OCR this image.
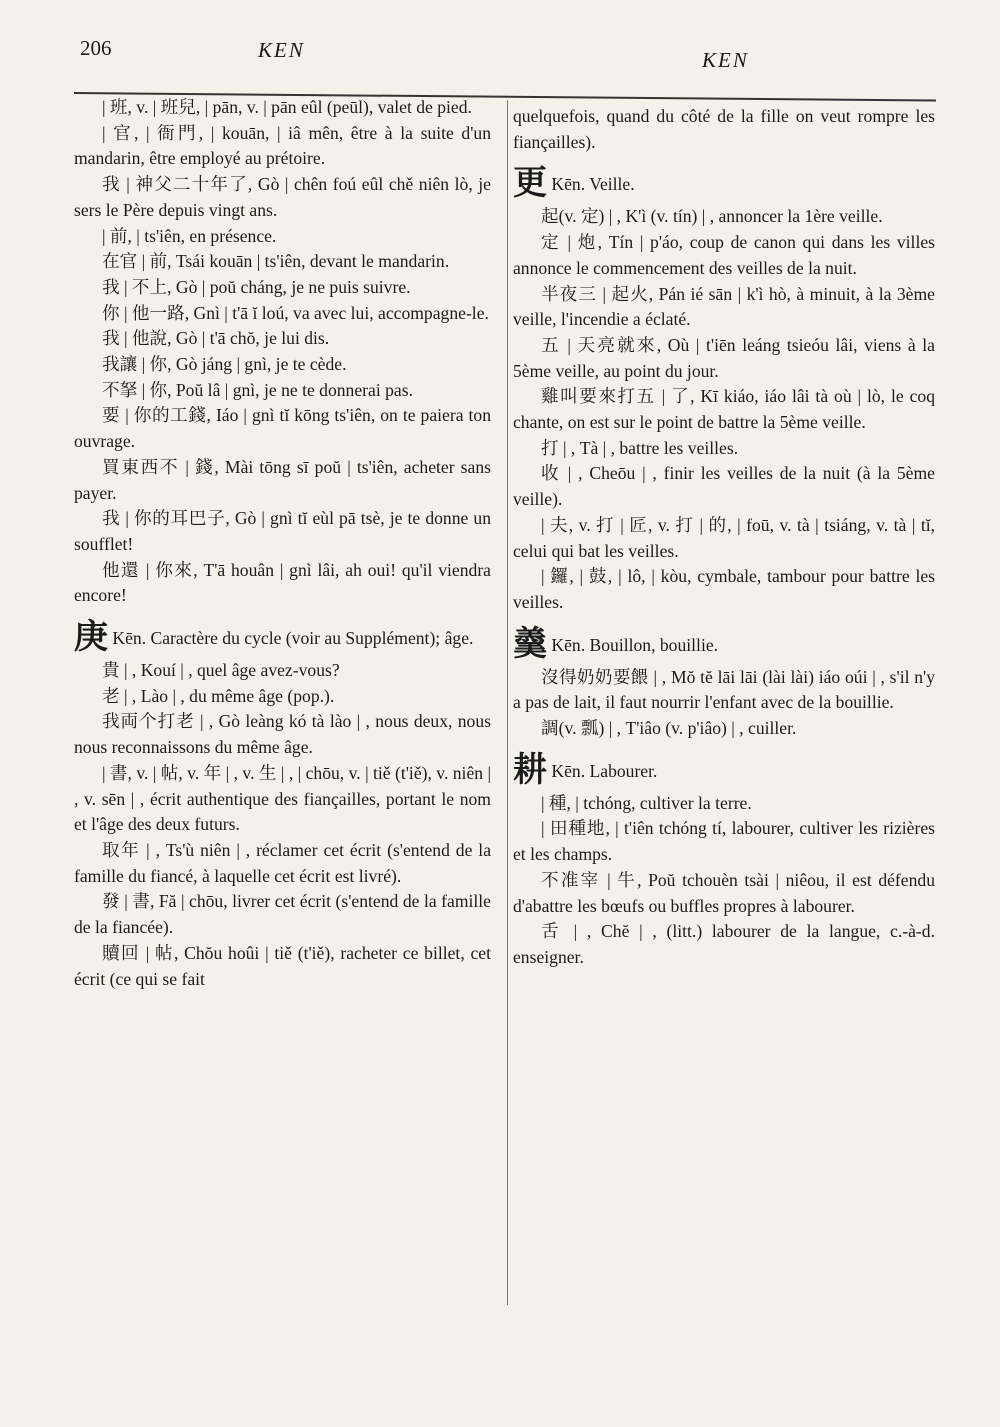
206	KEN	KEN

| 班, v. | 班兒, | pān, v. | pān eûl (peūl), valet de pied.

| 官, | 衙門, | kouān, | iâ mên, être à la suite d'un mandarin, être employé au prétoire.

我 | 神父二十年了, Gò | chên foú eûl chě niên lò, je sers le Père depuis vingt ans.

| 前, | ts'iên, en présence.

在官 | 前, Tsái kouān | ts'iên, devant le mandarin.

我 | 不上, Gò | poŭ cháng, je ne puis suivre.

你 | 他一路, Gnì | t'ā ĭ loú, va avec lui, accompagne-le.

我 | 他說, Gò | t'ā chŏ, je lui dis.

我讓 | 你, Gò jáng | gnì, je te cède.

不拏 | 你, Poŭ lâ | gnì, je ne te donnerai pas.

要 | 你的工錢, Iáo | gnì tĭ kōng ts'iên, on te paiera ton ouvrage.

買東西不 | 錢, Mài tōng sī poŭ | ts'iên, acheter sans payer.

我 | 你的耳巴子, Gò | gnì tĭ eùl pā tsè, je te donne un soufflet!

他還 | 你來, T'ā houân | gnì lâi, ah oui! qu'il viendra encore!

庚 Kēn. Caractère du cycle (voir au Supplément); âge.

貴 | , Kouí | , quel âge avez-vous?

老 | , Lào | , du même âge (pop.).

我両个打老 | , Gò leàng kó tà lào | , nous deux, nous nous reconnaissons du même âge.

| 書, v. | 帖, v. 年 | , v. 生 | , | chōu, v. | tiě (t'iě), v. niên | , v. sēn | , écrit authentique des fiançailles, portant le nom et l'âge des deux futurs.

取年 | , Ts'ù niên | , réclamer cet écrit (s'entend de la famille du fiancé, à laquelle cet écrit est livré).

發 | 書, Fă | chōu, livrer cet écrit (s'entend de la famille de la fiancée).

贖回 | 帖, Chŏu hoûi | tiě (t'iě), racheter ce billet, cet écrit (ce qui se fait

quelquefois, quand du côté de la fille on veut rompre les fiançailles).

更 Kēn. Veille.

起(v. 定) | , K'ì (v. tín) | , annoncer la 1ère veille.

定 | 炮, Tín | p'áo, coup de canon qui dans les villes annonce le commencement des veilles de la nuit.

半夜三 | 起火, Pán ié sān | k'ì hò, à minuit, à la 3ème veille, l'incendie a éclaté.

五 | 天亮就來, Où | t'iēn leáng tsieóu lâi, viens à la 5ème veille, au point du jour.

雞叫要來打五 | 了, Kī kiáo, iáo lâi tà où | lò, le coq chante, on est sur le point de battre la 5ème veille.

打 | , Tà | , battre les veilles.

收 | , Cheōu | , finir les veilles de la nuit (à la 5ème veille).

| 夫, v. 打 | 匠, v. 打 | 的, | foū, v. tà | tsiáng, v. tà | tĭ, celui qui bat les veilles.

| 鑼, | 鼓, | lô, | kòu, cymbale, tambour pour battre les veilles.

羹 Kēn. Bouillon, bouillie.

沒得奶奶要餵 | , Mŏ tĕ lāi lāi (lài lài) iáo oúi | , s'il n'y a pas de lait, il faut nourrir l'enfant avec de la bouillie.

調(v. 瓢) | , T'iâo (v. p'iâo) | , cuiller.

耕 Kēn. Labourer.

| 種, | tchóng, cultiver la terre.

| 田種地, | t'iên tchóng tí, labourer, cultiver les rizières et les champs.

不准宰 | 牛, Poŭ tchouèn tsài | niêou, il est défendu d'abattre les bœufs ou buffles propres à labourer.

舌 | , Chĕ | , (litt.) labourer de la langue, c.-à-d. enseigner.
